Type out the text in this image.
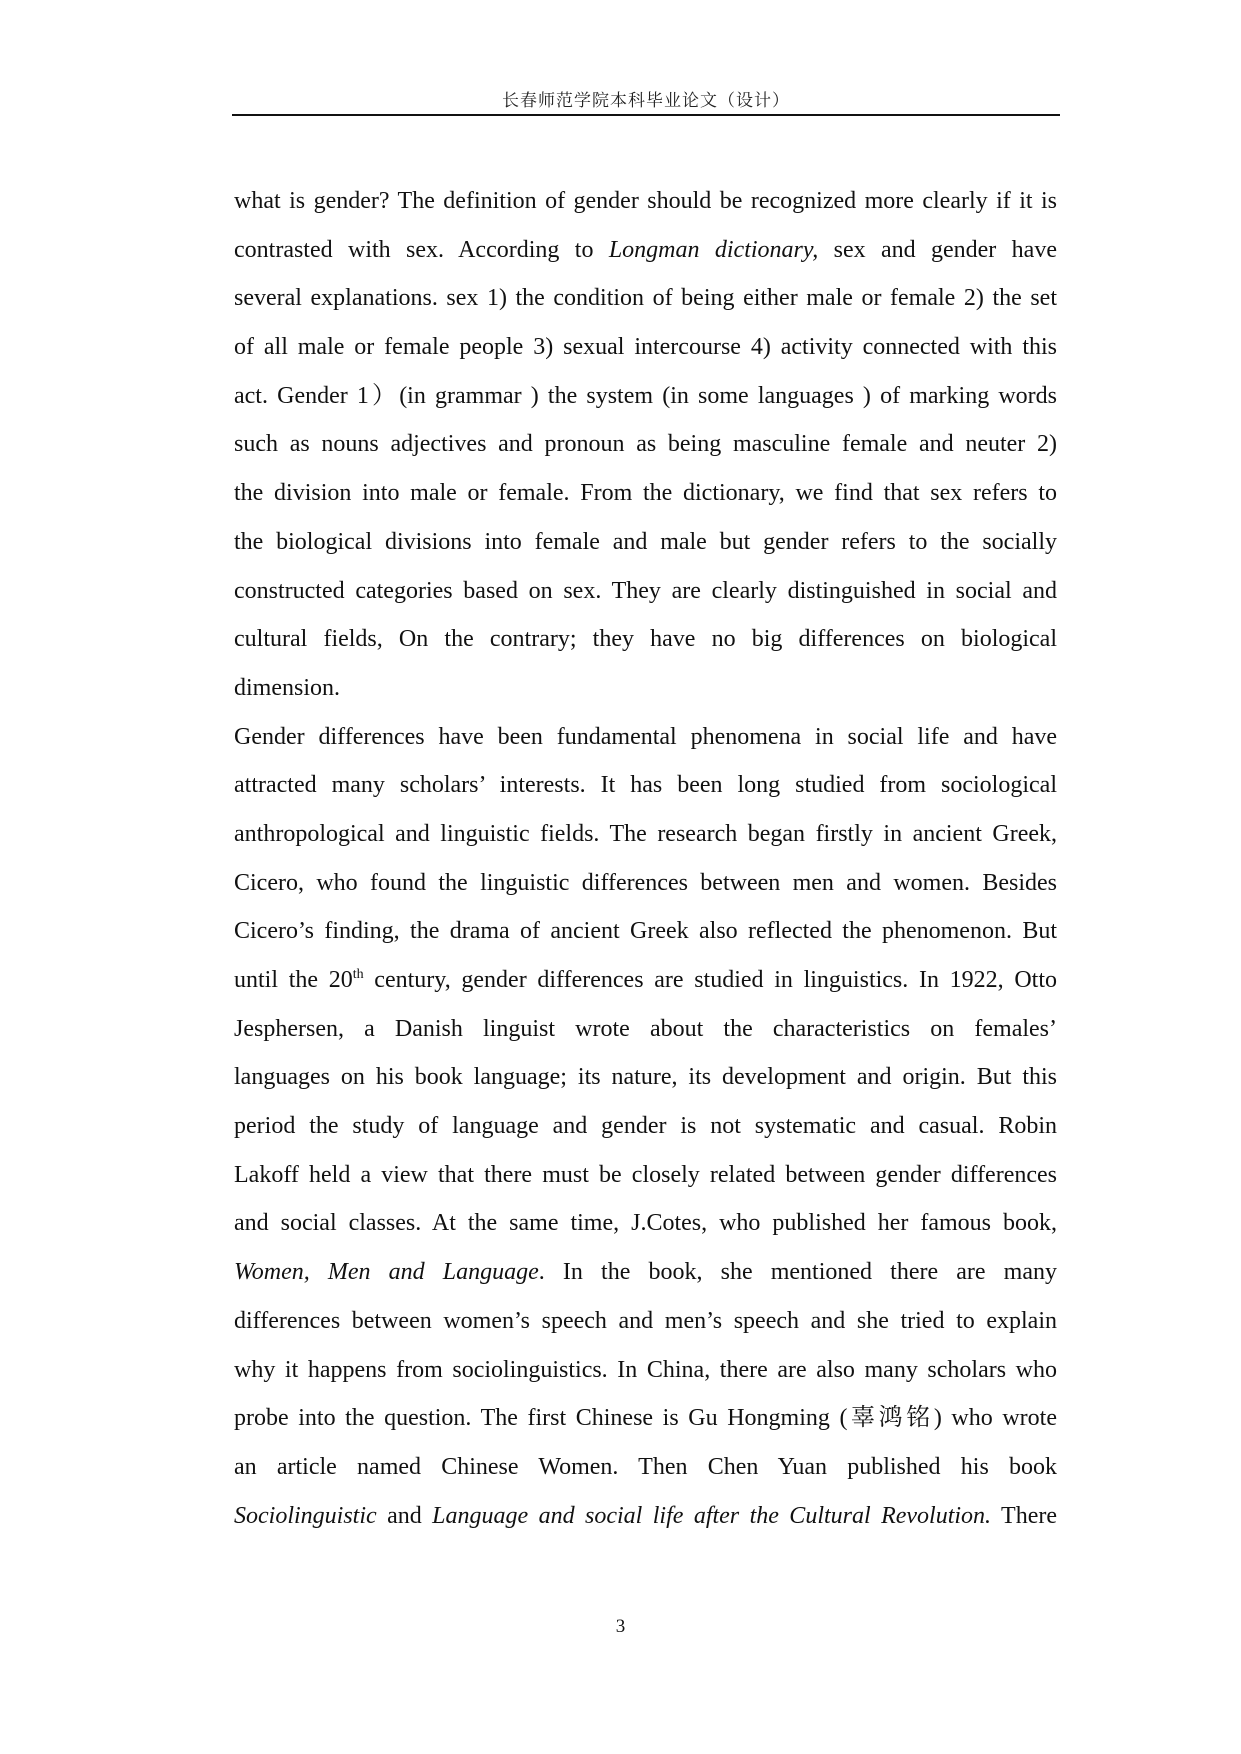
长春师范学院本科毕业论文（设计）
what is gender? The definition of gender should be recognized more clearly if it is
contrasted with sex. According to Longman dictionary, sex and gender have
several explanations. sex 1) the condition of being either male or female 2) the set
of all male or female people 3) sexual intercourse 4) activity connected with this
act. Gender 1）(in grammar ) the system (in some languages ) of marking words
such as nouns adjectives and pronoun as being masculine female and neuter 2)
the division into male or female. From the dictionary, we find that sex refers to
the biological divisions into female and male but gender refers to the socially
constructed categories based on sex. They are clearly distinguished in social and
cultural fields, On the contrary; they have no big differences on biological
dimension.
Gender differences have been fundamental phenomena in social life and have
attracted many scholars’ interests. It has been long studied from sociological
anthropological and linguistic fields. The research began firstly in ancient Greek,
Cicero, who found the linguistic differences between men and women. Besides
Cicero’s finding, the drama of ancient Greek also reflected the phenomenon. But
until the 20th century, gender differences are studied in linguistics. In 1922, Otto
Jesphersen, a Danish linguist wrote about the characteristics on females’
languages on his book language; its nature, its development and origin. But this
period the study of language and gender is not systematic and casual. Robin
Lakoff held a view that there must be closely related between gender differences
and social classes. At the same time, J.Cotes, who published her famous book,
Women, Men and Language. In the book, she mentioned there are many
differences between women’s speech and men’s speech and she tried to explain
why it happens from sociolinguistics. In China, there are also many scholars who
probe into the question. The first Chinese is Gu Hongming (辜鸿铭) who wrote
an article named Chinese Women. Then Chen Yuan published his book
Sociolinguistic and Language and social life after the Cultural Revolution. There
3
